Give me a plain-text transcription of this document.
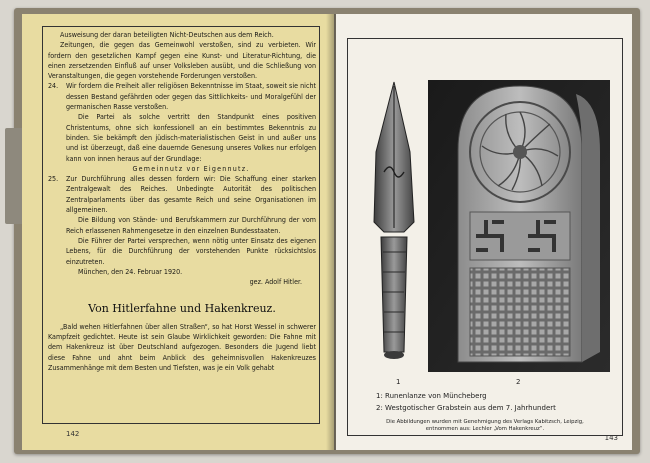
Ausweisung der daran beteiligten Nicht-Deutschen aus dem Reich.

Zeitungen, die gegen das Gemeinwohl verstoßen, sind zu verbieten. Wir fordern den gesetzlichen Kampf gegen eine Kunst- und Literatur-Richtung, die einen zersetzenden Einfluß auf unser Volksleben ausübt, und die Schließung von Veranstaltungen, die gegen vorstehende Forderungen verstoßen.

24. Wir fordern die Freiheit aller religiösen Bekenntnisse im Staat, soweit sie nicht dessen Bestand gefährden oder gegen das Sittlichkeits- und Moralgefühl der germanischen Rasse verstoßen.

Die Partei als solche vertritt den Standpunkt eines positiven Christentums, ohne sich konfessionell an ein bestimmtes Bekenntnis zu binden. Sie bekämpft den jüdisch-materialistischen Geist in und außer uns und ist überzeugt, daß eine dauernde Genesung unseres Volkes nur erfolgen kann von innen heraus auf der Grundlage:

Gemeinnutz vor Eigennutz.

25. Zur Durchführung alles dessen fordern wir: Die Schaffung einer starken Zentralgewalt des Reiches. Unbedingte Autorität des politischen Zentralparlaments über das gesamte Reich und seine Organisationen im allgemeinen.

Die Bildung von Stände- und Berufskammern zur Durchführung der vom Reich erlassenen Rahmengesetze in den einzelnen Bundesstaaten.

Die Führer der Partei versprechen, wenn nötig unter Einsatz des eigenen Lebens, für die Durchführung der vorstehenden Punkte rücksichtslos einzutreten.

München, den 24. Februar 1920.

gez. Adolf Hitler.

Von Hitlerfahne und Hakenkreuz.

„Bald wehen Hitlerfahnen über allen Straßen“, so hat Horst Wessel in schwerer Kampfzeit gedichtet. Heute ist sein Glaube Wirklichkeit geworden: Die Fahne mit dem Hakenkreuz ist über Deutschland aufgezogen. Besonders die Jugend liebt diese Fahne und ahnt beim Anblick des geheimnisvollen Hakenkreuzes Zusammenhänge mit dem Besten und Tiefsten, was je ein Volk gehabt

142
1	2
1: Runenlanze von Müncheberg
2: Westgotischer Grabstein aus dem 7. Jahrhundert
Die Abbildungen wurden mit Genehmigung des Verlags Kabitzsch, Leipzig,
entnommen aus: Lechler „Vom Hakenkreuz“.
143
